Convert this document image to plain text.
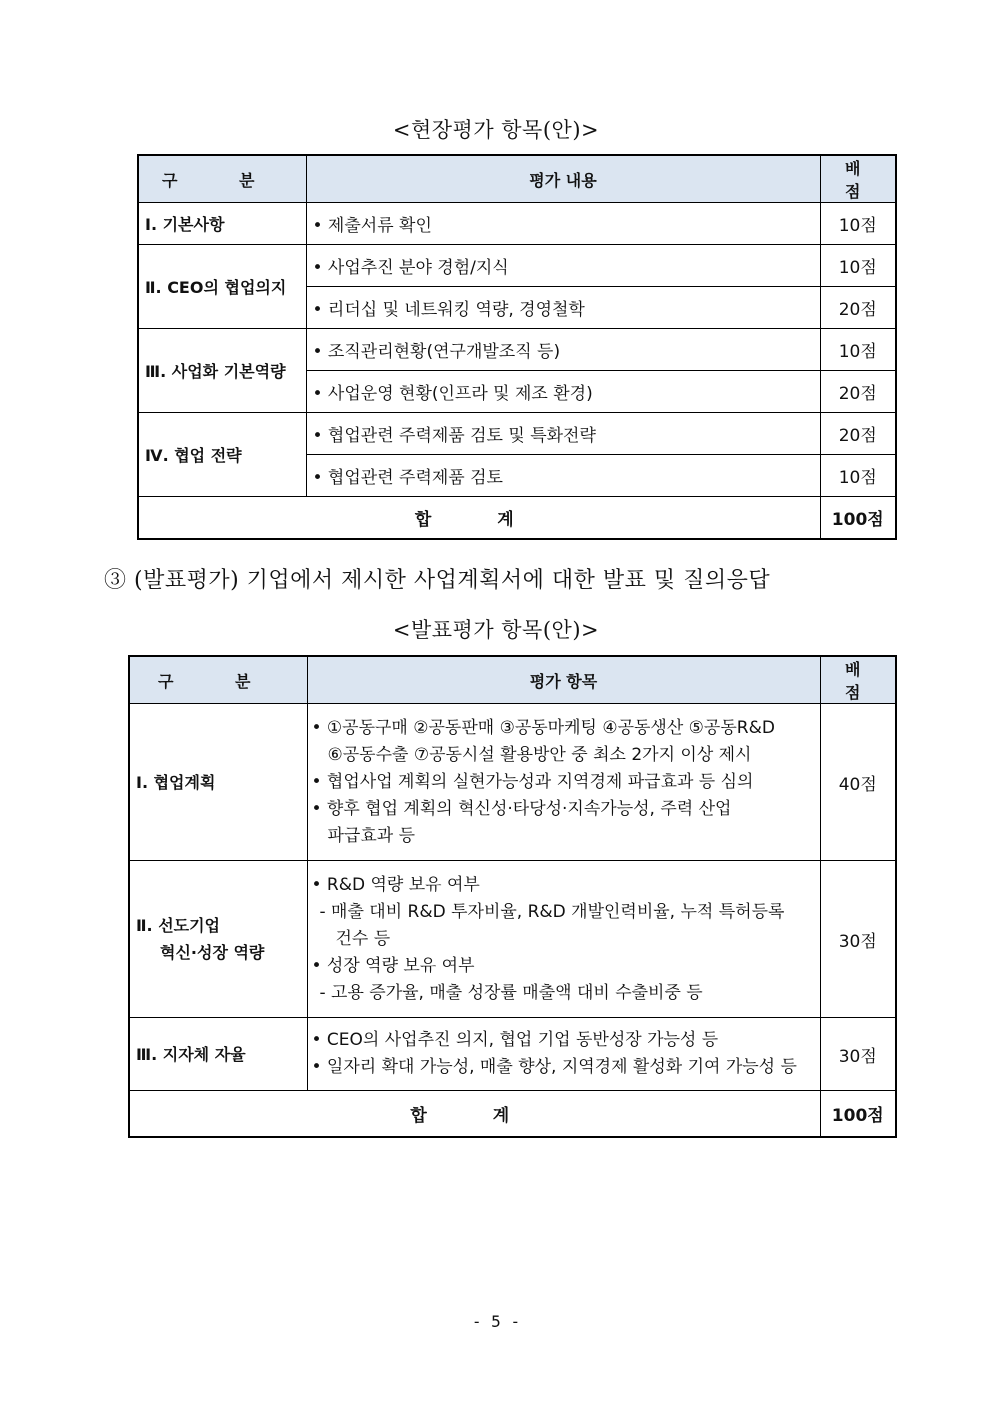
<현장평가 항목(안)>
구 분	평가 내용	배 점
Ⅰ. 기본사항	• 제출서류 확인	10점
Ⅱ. CEO의 협업의지	• 사업추진 분야 경험/지식	10점
	• 리더십 및 네트워킹 역량, 경영철학	20점
Ⅲ. 사업화 기본역량	• 조직관리현황(연구개발조직 등)	10점
	• 사업운영 현황(인프라 및 제조 환경)	20점
Ⅳ. 협업 전략	• 협업관련 주력제품 검토 및 특화전략	20점
	• 협업관련 주력제품 검토	10점
합 계		100점
③ (발표평가) 기업에서 제시한 사업계획서에 대한 발표 및 질의응답
<발표평가 항목(안)>
구 분	평가 항목	배 점

Ⅰ. 협업계획	• ①공동구매 ②공동판매 ③공동마케팅 ④공동생산 ⑤공동R&D
⑥공동수출 ⑦공동시설 활용방안 중 최소 2가지 이상 제시
• 협업사업 계획의 실현가능성과 지역경제 파급효과 등 심의
• 향후 협업 계획의 혁신성·타당성·지속가능성, 주력 산업
파급효과 등	40점

Ⅱ. 선도기업
혁신·성장 역량	• R&D 역량 보유 여부
- 매출 대비 R&D 투자비율, R&D 개발인력비율, 누적 특허등록
건수 등
• 성장 역량 보유 여부
- 고용 증가율, 매출 성장률 매출액 대비 수출비중 등	30점

Ⅲ. 지자체 자율	• CEO의 사업추진 의지, 협업 기업 동반성장 가능성 등
• 일자리 확대 가능성, 매출 향상, 지역경제 활성화 기여 가능성 등	30점
합 계		100점
- 5 -
